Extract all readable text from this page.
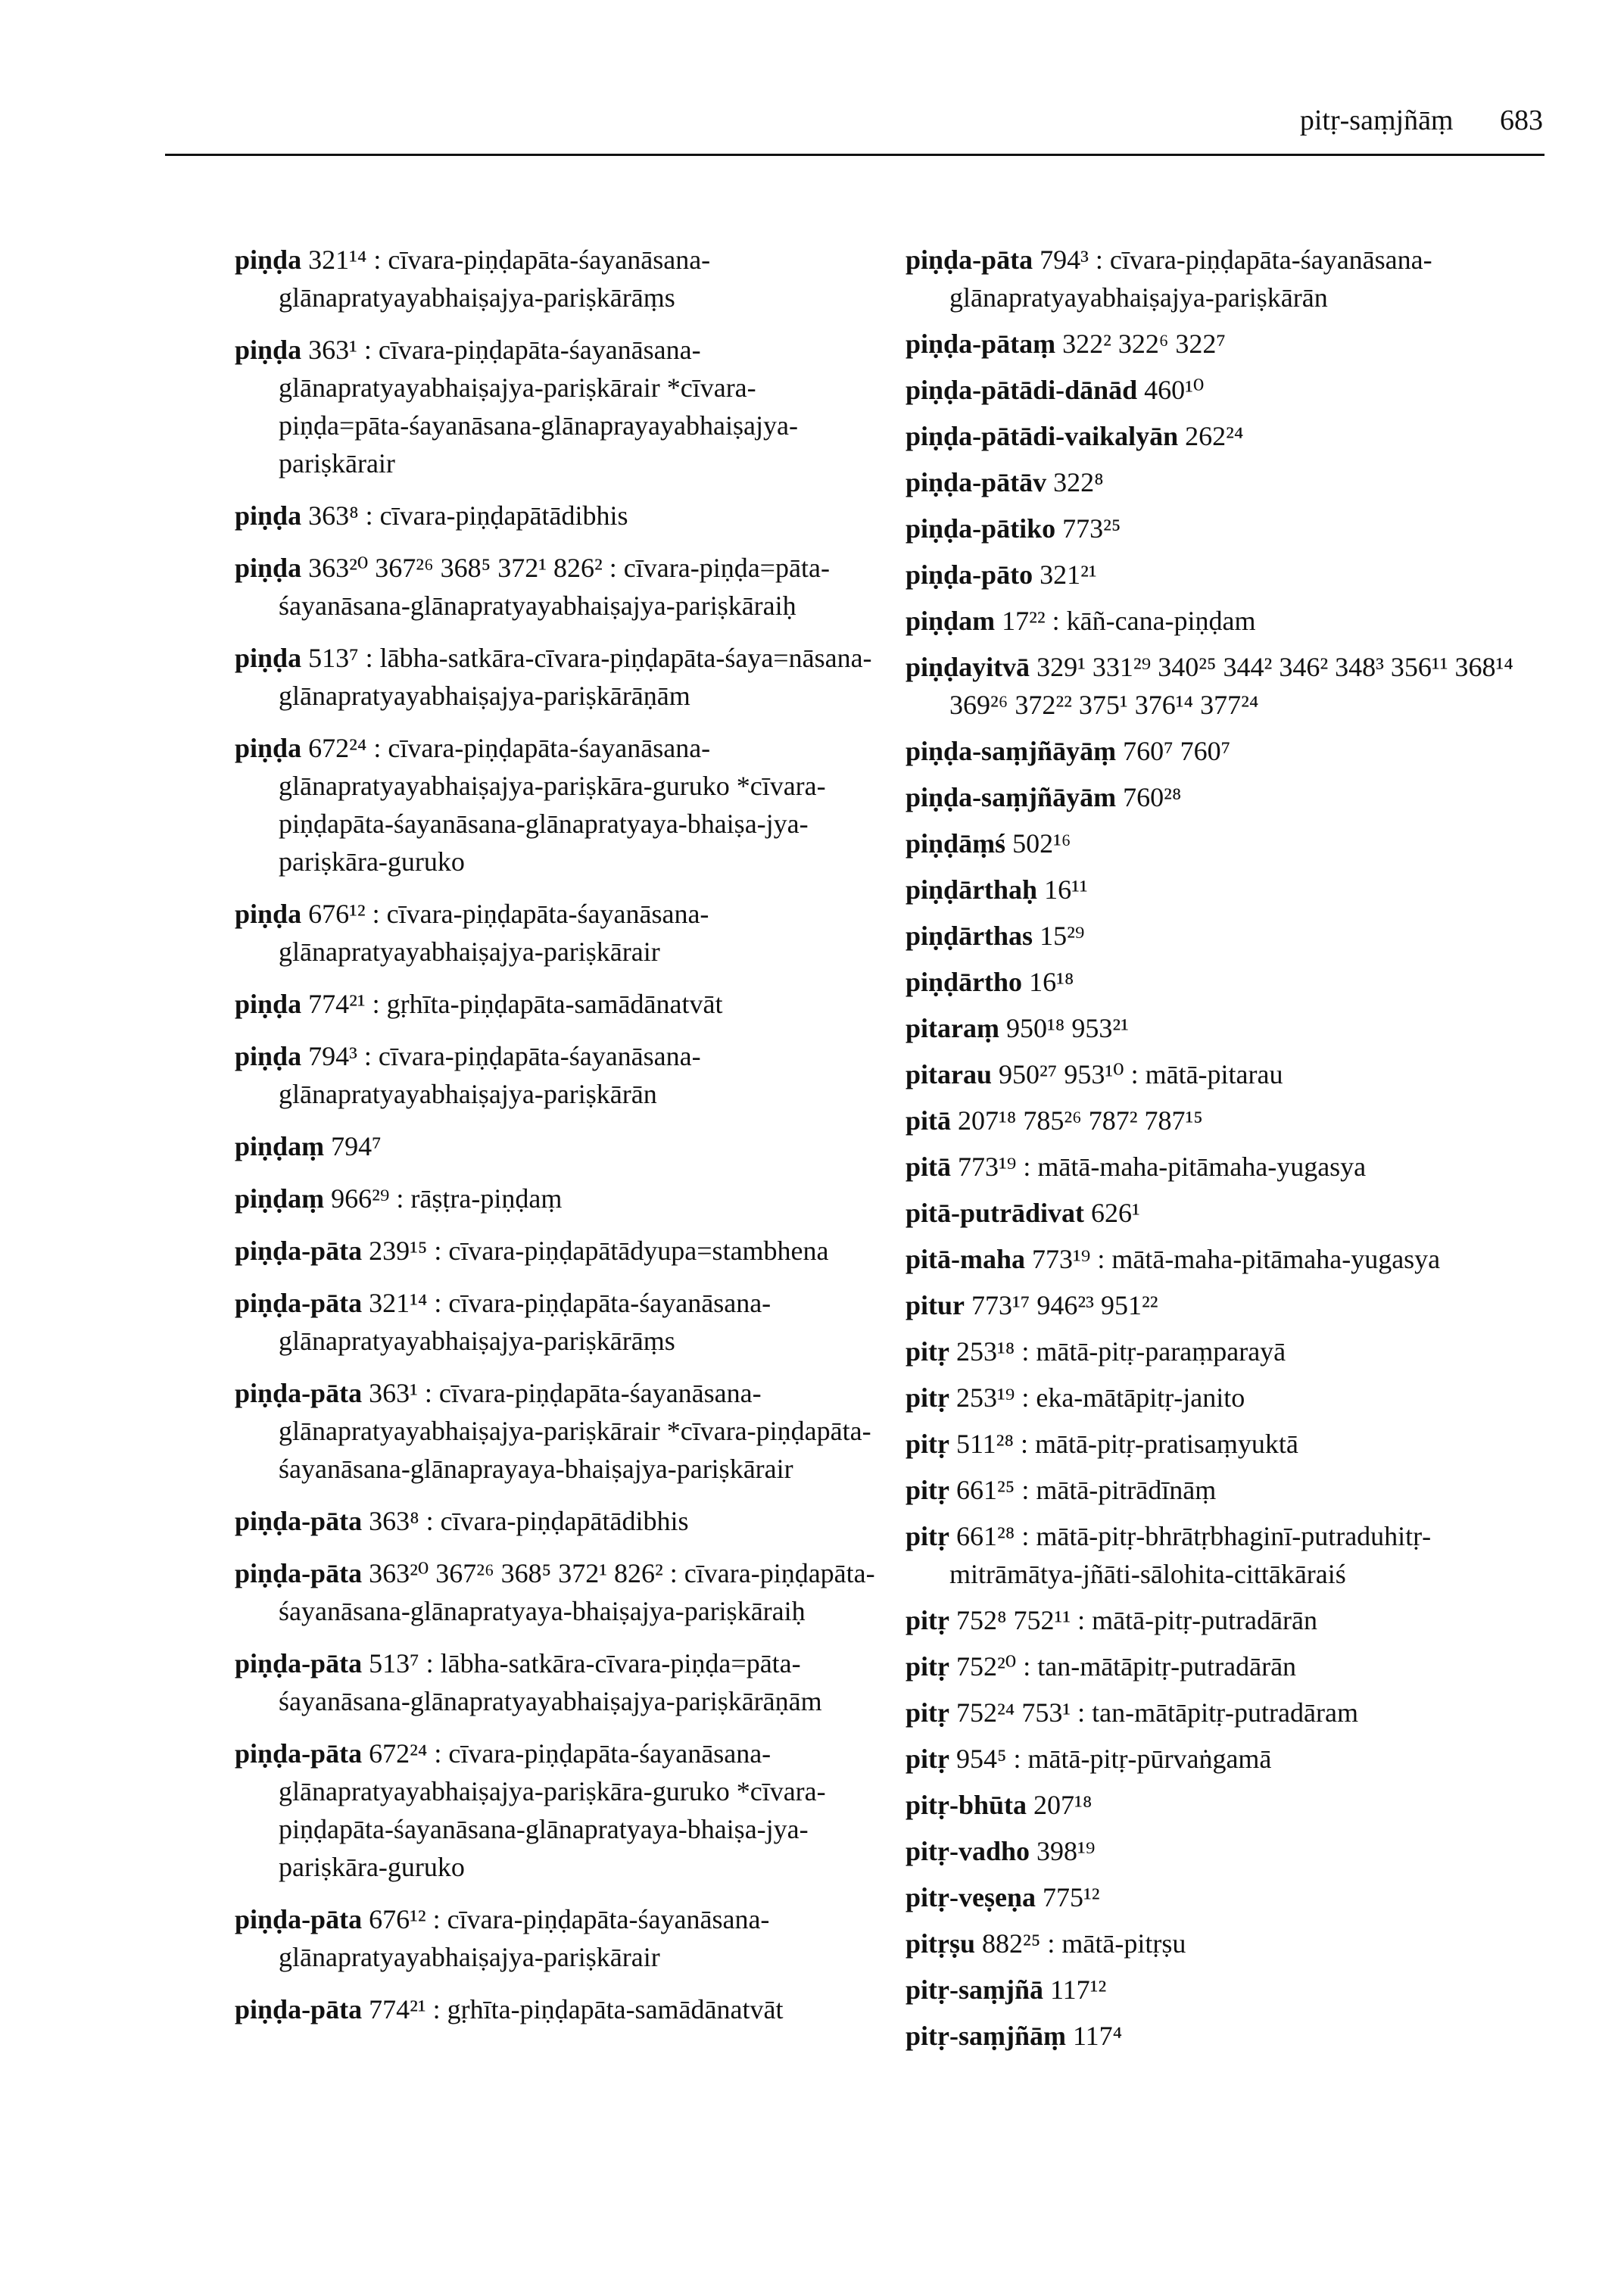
pitṛ-saṃjñāṃ 683
piṇḍa 321¹⁴ : cīvara-piṇḍapāta-śayanāsana-glānapratyayabhaiṣajya-pariṣkārāṃs
piṇḍa 363¹ : cīvara-piṇḍapāta-śayanāsana-glānapratyayabhaiṣajya-pariṣkārair *cīvara-piṇḍa=pāta-śayanāsana-glānaprayayabhaiṣajya-pariṣkārair
piṇḍa 363⁸ : cīvara-piṇḍapātādibhis
piṇḍa 363²⁰ 367²⁶ 368⁵ 372¹ 826² : cīvara-piṇḍa=pāta-śayanāsana-glānapratyayabhaiṣajya-pariṣkāraiḥ
piṇḍa 513⁷ : lābha-satkāra-cīvara-piṇḍapāta-śaya=nāsana-glānapratyayabhaiṣajya-pariṣkārāṇām
piṇḍa 672²⁴ : cīvara-piṇḍapāta-śayanāsana-glānapratyayabhaiṣajya-pariṣkāra-guruko *cīvara-piṇḍapāta-śayanāsana-glānapratyaya-bhaiṣa-jya-pariṣkāra-guruko
piṇḍa 676¹² : cīvara-piṇḍapāta-śayanāsana-glānapratyayabhaiṣajya-pariṣkārair
piṇḍa 774²¹ : gṛhīta-piṇḍapāta-samādānatvāt
piṇḍa 794³ : cīvara-piṇḍapāta-śayanāsana-glānapratyayabhaiṣajya-pariṣkārān
piṇḍaṃ 794⁷
piṇḍaṃ 966²⁹ : rāṣṭra-piṇḍaṃ
piṇḍa-pāta 239¹⁵ : cīvara-piṇḍapātādyupa=stambhena
piṇḍa-pāta 321¹⁴ : cīvara-piṇḍapāta-śayanāsana-glānapratyayabhaiṣajya-pariṣkārāṃs
piṇḍa-pāta 363¹ : cīvara-piṇḍapāta-śayanāsana-glānapratyayabhaiṣajya-pariṣkārair *cīvara-piṇḍapāta-śayanāsana-glānaprayaya-bhaiṣajya-pariṣkārair
piṇḍa-pāta 363⁸ : cīvara-piṇḍapātādibhis
piṇḍa-pāta 363²⁰ 367²⁶ 368⁵ 372¹ 826² : cīvara-piṇḍapāta-śayanāsana-glānapratyaya-bhaiṣajya-pariṣkāraiḥ
piṇḍa-pāta 513⁷ : lābha-satkāra-cīvara-piṇḍa=pāta-śayanāsana-glānapratyayabhaiṣajya-pariṣkārāṇām
piṇḍa-pāta 672²⁴ : cīvara-piṇḍapāta-śayanāsana-glānapratyayabhaiṣajya-pariṣkāra-guruko *cīvara-piṇḍapāta-śayanāsana-glānapratyaya-bhaiṣa-jya-pariṣkāra-guruko
piṇḍa-pāta 676¹² : cīvara-piṇḍapāta-śayanāsana-glānapratyayabhaiṣajya-pariṣkārair
piṇḍa-pāta 774²¹ : gṛhīta-piṇḍapāta-samādānatvāt
piṇḍa-pāta 794³ : cīvara-piṇḍapāta-śayanāsana-glānapratyayabhaiṣajya-pariṣkārān
piṇḍa-pātaṃ 322² 322⁶ 322⁷
piṇḍa-pātādi-dānād 460¹⁰
piṇḍa-pātādi-vaikalyān 262²⁴
piṇḍa-pātāv 322⁸
piṇḍa-pātiko 773²⁵
piṇḍa-pāto 321²¹
piṇḍam 17²² : kāñ-cana-piṇḍam
piṇḍayitvā 329¹ 331²⁹ 340²⁵ 344² 346² 348³ 356¹¹ 368¹⁴ 369²⁶ 372²² 375¹ 376¹⁴ 377²⁴
piṇḍa-saṃjñāyāṃ 760⁷ 760⁷
piṇḍa-saṃjñāyām 760²⁸
piṇḍāṃś 502¹⁶
piṇḍārthaḥ 16¹¹
piṇḍārthas 15²⁹
piṇḍārtho 16¹⁸
pitaraṃ 950¹⁸ 953²¹
pitarau 950²⁷ 953¹⁰ : mātā-pitarau
pitā 207¹⁸ 785²⁶ 787² 787¹⁵
pitā 773¹⁹ : mātā-maha-pitāmaha-yugasya
pitā-putrādivat 626¹
pitā-maha 773¹⁹ : mātā-maha-pitāmaha-yugasya
pitur 773¹⁷ 946²³ 951²²
pitṛ 253¹⁸ : mātā-pitṛ-paraṃparayā
pitṛ 253¹⁹ : eka-mātāpitṛ-janito
pitṛ 511²⁸ : mātā-pitṛ-pratisaṃyuktā
pitṛ 661²⁵ : mātā-pitrādīnāṃ
pitṛ 661²⁸ : mātā-pitṛ-bhrātṛbhaginī-putraduhitṛ-mitrāmātya-jñāti-sālohita-cittākāraiś
pitṛ 752⁸ 752¹¹ : mātā-pitṛ-putradārān
pitṛ 752²⁰ : tan-mātāpitṛ-putradārān
pitṛ 752²⁴ 753¹ : tan-mātāpitṛ-putradāram
pitṛ 954⁵ : mātā-pitṛ-pūrvaṅgamā
pitṛ-bhūta 207¹⁸
pitṛ-vadho 398¹⁹
pitṛ-veṣeṇa 775¹²
pitṛṣu 882²⁵ : mātā-pitṛṣu
pitṛ-saṃjñā 117¹²
pitṛ-saṃjñāṃ 117⁴
